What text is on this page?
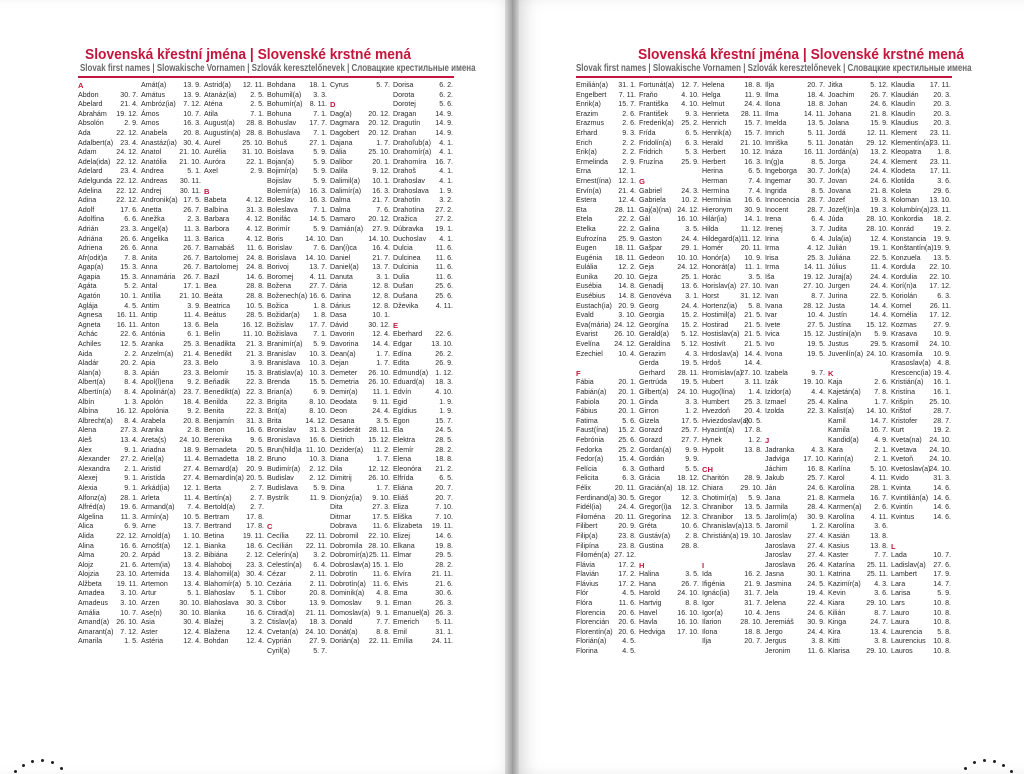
Slovenská křestní jména | Slovenské krstné mená
Slovak first names | Slowakische Vornamen | Szlovák keresztelőnevek | Словацкие крестильные имена
A
Abdon	30. 7.
Abelard	21. 4.
Abrahám 19. 12.
Absolón	2. 9.
Ada	22. 12.
Adalbert(a) 23. 4.
Adam	24. 12.
Adela(ida) 22. 12.
Adelard	23. 4.
Adelgunda 22. 12.
Adelina 22. 12.
Adina	22. 12.
Adolf	17. 6.
Adolfína	6. 6.
Adrián	23. 3.
Adriána	26. 6.
Adriena	26. 6.
Afr(odit)a 7. 8.
Agap(a) 15. 3.
Agapia	15. 3.
Agáta	5. 2.
Agatón	10. 1.
Aglája	4. 5.
Agnesa 16. 11.
Agneta 16. 11.
Achác	22. 6.
Achiles	12. 5.
Aida	2. 2.
Aladár	20. 2.
Alan(a)	8. 3.
Albert(a)	8. 4.
Albertín(a) 8. 4.
Albín	1. 3.
Albína	16. 12.
Albrecht(a) 8. 4.
Alena	27. 3.
Aleš	13. 4.
Alex	9. 1.
Alexander 27. 2.
Alexandra 2. 1.
Alexej	9. 1.
Alexia	9. 1.
Alfonz(a) 28. 1.
Alfréd(a) 19. 6.
Algelina 11. 3.
Alica	6. 9.
Alida	22. 12.
Alina	16. 6.
Alma	20. 2.
Alojz	21. 6.
Alojzia 23. 10.
Alžbeta 19. 11.
Amadea 3. 10.
Amadeus 3. 10.
Amália	10. 7.
Amand(a) 26. 10.
Amarant(a) 7. 12.
Amarila	1. 5.
Amát(a) 13. 9.
Amátus	13. 9.
Ambróz(ia) 7. 12.
Ámos	10. 7.
Amos	16. 3.
Anabela 20. 8.
Anastáz(ia) 30. 4.
Anatol	21. 10.
Anatólia 21. 10.
Andrea	5. 1.
Andreas 30. 11.
Andrej	30. 11.
Andronik(a) 17. 5.
Anetta	26. 7.
Anežka	2. 3.
Angel(a) 11. 3.
Angelika 11. 3.
Anna	26. 7.
Anita	26. 7.
Anna	26. 7.
Annamária 26. 7.
Antal	17. 1.
Antília	21. 10.
Antim	3. 9.
Antip	11. 4.
Anton	13. 6.
Antónia	6. 1.
Aranka	25. 3.
Anzelm(a) 21. 4.
Apia	23. 3.
Apián	23. 3.
Apol(l)ena 9. 2.
Apolinár(a) 23. 7.
Apolón	18. 4.
Apolónia	9. 2.
Arabela	20. 8.
Aranka	2. 8.
Areta(s) 24. 10.
Ariadna	18. 9.
Ariel(a)	11. 4.
Aristid	27. 4.
Aristída	27. 4.
Arkád(ia) 12. 1.
Arleta	11. 4.
Armand(a) 7. 4.
Armín(a) 10. 5.
Arne	13. 7.
Arnold(a) 1. 10.
Arnošt(a) 12. 1.
Arpád	13. 2.
Artem(ia) 13. 4.
Artemida 13. 4.
Artemon 13. 4.
Artur	5. 1.
Arzen	30. 10.
Ase(n) 30. 10.
Asia	30. 4.
Aster	12. 4.
Astéria	12. 4.
Astrid(a) 12. 11.
Atanáz(ia) 2. 5.
Aténa	2. 5.
Atila	7. 1.
August(a) 28. 8.
Augustín(a) 28. 8.
Aurel	25. 10.
Aurélia 31. 10.
Auróra	22. 1.
Axel	2. 9.
B
Babeta	4. 12.
Balbína	31. 3.
Barbara 4. 12.
Barbora 4. 12.
Barica	4. 12.
Barnabáš 11. 6.
Bartolomej 24. 8.
Bartolomej 24. 8.
Bazil	14. 6.
Bea	28. 8.
Beáta	28. 8.
Beatrica 10. 5.
Beátus	28. 5.
Bela	16. 12.
Belín	11. 10.
Benadikta 21. 3.
Benedikt 21. 3.
Belo	3. 9.
Belomír	15. 3.
Beňadik 22. 3.
Benedikt(a) 22. 3.
Benilda	22. 3.
Benita	22. 3.
Benjamín 31. 3.
Benon	16. 6.
Berenika	9. 6.
Bernadeta 20. 5.
Bernadetta 18. 2.
Bernard(a) 20. 9.
Bernardín(a) 20. 5.
Berta	2. 7.
Bertín(a)	2. 7.
Bertold(a) 2. 7.
Bertram 17. 8.
Bertrand 17. 8.
Betina	19. 11.
Bianka	18. 6.
Bibiána	2. 12.
Blahoboj 23. 3.
Blahomil(a) 30. 4.
Blahomír(a) 5. 10.
Blahoslav 5. 1.
Blahoslava 30. 3.
Blanka	16. 6.
Blažej	3. 2.
Blažena 12. 4.
Bohdan	12. 4.
Bohdana 18. 1.
Bohumil(a) 3. 3.
Bohumír(a) 8. 11.
Bohuna	7. 1.
Bohuslav 17. 7.
Bohuslava 7. 1.
Bohuš	27. 1.
Boislava	5. 9.
Bojan(a)	5. 9.
Bojimír(a) 5. 9.
Bojislav	5. 9.
Bolemír(a) 16. 3.
Boleslav 16. 3.
Boleslava 7. 1.
Bonifác	14. 5.
Borimír	5. 9.
Boris	14. 10.
Borislav	7. 6.
Borislava 14. 10.
Borivoj	13. 7.
Boromej 4. 11.
Božena	27. 7.
Boženech(a) 16. 6.
Božica	1. 8.
Božidar(a) 1. 8.
Božislav 17. 7.
Božislava 7. 1.
Branimír(a) 5. 9.
Branislav 10. 3.
Branislava 10. 3.
Bratislav(a) 10. 3.
Brenda	15. 5.
Brian(a)	6. 9.
Brigita	8. 10.
Brit(a)	8. 10.
Brita	14. 12.
Bronislav 31. 3.
Bronislava 16. 6.
Brun(hild)a 11. 10.
Bruno	10. 3.
Budimír(a) 2. 12.
Budislav 2. 12.
Budislava 5. 9.
Bystrík	11. 9.
C
Cecília 22. 11.
Cecílián 22. 11.
Celerín(a) 3. 2.
Celestín(a) 6. 4.
Cézar	2. 11.
Cezária	2. 11.
Ctibor	20. 8.
Ctibor	13. 9.
Ctirad(a) 21. 11.
Ctislav(a) 18. 3.
Cvetan(a) 24. 10.
Cyprián	27. 9.
Cyril(a)	5. 7.
Cyrus	5. 7.
D
Dag(a) 20. 12.
Dagmara 20. 12.
Dagobert 20. 12.
Dajana	1. 7.
Dália	25. 10.
Dalibor	20. 1.
Dalila	9. 12.
Dalimil(a) 10. 1.
Dalimír(a) 16. 3.
Dalma	21. 7.
Dalma	7. 6.
Damaro 20. 12.
Damián(a) 27. 9.
Dan	14. 10.
Dan(i)ca 16. 4.
Daniel	21. 7.
Daniel(a) 13. 7.
Danuta	3. 1.
Dária	12. 8.
Darina	12. 8.
Dárius	12. 8.
Dasa	10. 1.
Dávid	30. 12.
Davorin	12. 4.
Davorina 14. 4.
Dean(a)	1. 7.
Dejan	1. 7.
Demeter 26. 10.
Demetria 26. 10.
Demir(a) 11. 1.
Deodata 9. 11.
Deon	24. 4.
Desana	3. 5.
Desiderát 28. 11.
Dietrich 15. 12.
Dezider(a) 11. 2.
Diana	1. 7.
Dila	12. 12.
Dimitrij 26. 10.
Dina	1. 7.
Dionýz(ia) 9. 10.
Dita	27. 3.
Ditmar	17. 5.
Dobrava 11. 6.
Dobromil 22. 10.
Dobromila 28. 10.
Dobromír(a) 25. 11.
Dobroslav(a) 15. 1.
Dobrotín 11. 6.
Dobrotín(a) 11. 6.
Dominik(a) 4. 8.
Domoslav 9. 1.
Domoslav(a) 9. 1.
Donald	7. 7.
Donát(a)	8. 8.
Dorián(a) 22. 11.
Dorisa	6. 2.
Dorota	6. 2.
Dorotej	5. 6.
Dragan	14. 9.
Dragutín 14. 9.
Drahan	14. 9.
Drahoľub(a) 4. 1.
Drahomír(a) 4. 1.
Drahomíra 16. 7.
Drahoš	4. 1.
Drahoslav 4. 1.
Drahoslava 1. 9.
Drahotín	3. 2.
Drahotína 27. 2.
Dražica	27. 2.
Dúbravka 19. 1.
Duchoslav 4. 1.
Dulcia	11. 6.
Dulcinea 11. 6.
Dulcinia 11. 6.
Dulia	11. 6.
Dušan	25. 6.
Dušana	25. 6.
Dževika 4. 11.
E
Eberhard 22. 6.
Edgar	13. 10.
Edína	26. 2.
Edita	26. 9.
Edmund(a) 1. 12.
Eduard(a) 18. 3.
Edvín	4. 10.
Egid	1. 9.
Egídius	1. 9.
Egon	15. 7.
Ela	24. 5.
Elektra	28. 5.
Elemír	28. 2.
Elena	18. 8.
Eleonóra 21. 2.
Elfrída	6. 5.
Eliána	20. 7.
Eliáš	20. 7.
Eliza	7. 10.
Eliška	7. 10.
Elizabeta 19. 11.
Elizej	14. 6.
Elkana	19. 8.
Elmar	29. 5.
Elo	28. 2.
Elvíra	21. 11.
Elvis	21. 6.
Ema	30. 6.
Eman	26. 3.
Emanuel(a) 26. 3.
Emerich 5. 11.
Emil	31. 1.
Emília	24. 11.
Slovenská křestní jména | Slovenské krstné mená
Slovak first names | Slowakische Vornamen | Szlovák keresztelőnevek | Словацкие крестильные имена
Emilián(a) 31. 1.
Engelbert 7. 11.
Enrik(a) 15. 7.
Erazim	2. 6.
Erazmus	2. 6.
Erhard	9. 3.
Erich	2. 2.
Erik(a)	2. 2.
Ermelinda 2. 9.
Erna	12. 1.
Ernest(ína) 12. 1.
Ervín(a) 21. 4.
Estera	12. 4.
Eta	28. 11.
Etela	22. 2.
Etelka	22. 2.
Eufrozína 25. 9.
Eugen	18. 11.
Eugénia 18. 11.
Eulália	12. 2.
Eunika 20. 10.
Eusébia 14. 8.
Eusébius 14. 8.
Eustach(ia) 20. 9.
Evald	3. 10.
Eva(mária) 24. 12.
Evarist 26. 10.
Evelína 24. 12.
Ezechiel 10. 4.
F
Fábia	20. 1.
Fabián(a) 20. 1.
Fabiola	20. 1.
Fábius	20. 1.
Fatima	5. 6.
Faust(ína) 15. 2.
Febrónia 25. 6.
Fedorka 25. 2.
Fedor(a) 15. 4.
Felícia	6. 3.
Felicita	6. 3.
Félix	20. 11.
Ferdinand(a) 30. 5.
Fidél(ia) 24. 4.
Filoména 20. 11.
Filibert	20. 9.
Filip(a)	23. 8.
Filipína	23. 8.
Filomén(a) 27. 12.
Flávia	17. 2.
Flavián	17. 2.
Flávius	17. 2.
Flór	4. 5.
Flóra	11. 6.
Florencia 20. 6.
Florencián 20. 6.
Florentín(a) 20. 6.
Florián(a) 4. 5.
Florina	4. 5.
Fortunát(a) 12. 7.
Fraňo	4. 10.
Františka 4. 10.
František 9. 3.
Frederik(a) 25. 2.
Frída	6. 5.
Fridolín(a) 6. 3.
Fridrich	5. 3.
Fruzína	25. 9.
G
Gabriel	24. 3.
Gabriela 10. 2.
Gaj(a)(na) 24. 12.
Gál	16. 10.
Galina	3. 5.
Gaston	24. 4.
Gašpar	29. 1.
Gedeon 10. 10.
Geja	24. 12.
Gejza	25. 1.
Genadij	13. 6.
Genovéva 3. 1.
Georg	24. 4.
Georgia 15. 2.
Georgína 15. 2.
Gerald(a) 5. 12.
Geraldína 5. 12.
Gerazim	4. 3.
Gerda	19. 5.
Gerhard 28. 11.
Gertrúda 19. 5.
Gilbert(a) 24. 10.
Ginda	3. 3.
Girron	1. 2.
Gizela	17. 5.
Gorazd	25. 7.
Gorazd	27. 7.
Gordan(a) 9. 9.
Gordián	9. 9.
Gothard	5. 5.
Grácia 18. 12.
Gracián(a) 18. 12.
Gregor	12. 3.
Gregor(i)a 12. 3.
Gregorína 12. 3.
Gréta	10. 6.
Gustáv(a) 2. 8.
Gustina	28. 8.
H
Halina	3. 5.
Hana	26. 7.
Harold 24. 10.
Hartvig	8. 8.
Havel	16. 10.
Havla	16. 10.
Hedviga 17. 10.
Helena	18. 8.
Helga	11. 9.
Helmut	24. 4.
Henrieta 28. 11.
Henrich	15. 7.
Henrik(a) 15. 7.
Herald 21. 10.
Herbert 10. 12.
Herbert	16. 3.
Herina	6. 5.
Herman	7. 4.
Hermína	7. 4.
Hermínia 16. 6.
Hieronym 30. 9.
Hilár(ia) 14. 1.
Hilda	11. 12.
Hildegard(a) 11. 12.
Homér 20. 11.
Honór(a) 10. 9.
Honorát(a) 11. 1.
Horác	3. 5.
Horislav(a) 27. 10.
Horst	31. 12.
Hortenz(ia) 5. 8.
Hostimil(a) 21. 5.
Hostirad 21. 5.
Hostislav(a) 21. 5.
Hostivít	21. 5.
Hrdoslav(a) 14. 4.
Hrdoš	14. 4.
Hromislav(a)
27. 10.
Hubert	3. 11.
Hugo(lína) 1. 4.
Humbert 25. 3.
Hvezdoň 20. 4.
Hviezdoslav(a)
20. 5.
Hyacint(a) 17. 8.
Hynek	1. 2.
Hypolit	13. 8.
CH
Charitón 28. 9.
Chiara 29. 10.
Chotimír(a) 5. 9.
Chranibor 13. 5.
Chranibor 13. 5.
Chranislav(a) 13. 5.
Christián(a) 19. 10.
I
Ida	16. 2.
Ifigénia	21. 9.
Ignác(ia) 31. 7.
Igor	31. 7.
Igor(a)	10. 4.
Ilarion	28. 10.
Ilona	18. 8.
Ilja	20. 7.
Ilja	20. 7.
Ilma	18. 4.
Ilona	18. 8.
Ilma	14. 11.
Imelda	13. 5.
Imrich	5. 11.
Imriška	5. 11.
Ináza	16. 11.
In(g)a	8. 5.
Ingeborga 30. 7.
Ingemar 30. 7.
Ingrida	8. 5.
Innocencia 28. 7.
Inocent	28. 7.
Irena	6. 4.
Irenej	3. 7.
Irina	6. 4.
Irma	4. 12.
Irisa	25. 3.
Irma	14. 11.
Iša	19. 12.
Ivan	27. 10.
Ivan	8. 7.
Ivana	28. 12.
Ivar	10. 4.
Ivete	27. 5.
Ivica	15. 12.
Ivo	19. 5.
Ivona	19. 5.
Izabela	9. 7.
Izák	19. 10.
Izidor(a)	4. 4.
Izmael	25. 4.
Izolda	22. 3.
J
Jadranka 4. 3.
Jadviga 17. 10.
Jáchim	16. 8.
Jakub	25. 7.
Ján	24. 6.
Jana	21. 8.
Jarmila	28. 4.
Jarolím(a) 30. 9.
Jaromil	1. 2.
Jaroslav 27. 4.
Jaroslava 27. 4.
Jaroslav 27. 4.
Jaroslava 26. 4.
Jasna	30. 1.
Jasmina 24. 5.
Jela	19. 4.
Jelena	22. 4.
Jens	24. 6.
Jeremiáš 30. 9.
Jergo	24. 4.
Jergus	3. 8.
Jeronim 11. 6.
Jitka	5. 12.
Joachim 26. 7.
Johan	24. 6.
Johana	21. 8.
Jolana	15. 9.
Jordá	12. 11.
Jonatán 29. 12.
Jordán(a) 13. 2.
Jorga	24. 4.
Jork(a)	24. 4.
Jovan	24. 6.
Jovana	21. 8.
Jozef	19. 3.
Jozef(ín)a 19. 3.
Júda	28. 10.
Judita	28. 10.
Jula(ia)	12. 4.
Julián	19. 1.
Juliána	22. 5.
Július	11. 4.
Juraj(a)	24. 4.
Jurgen	24. 4.
Jurina	22. 5.
Justa	14. 4.
Justín	14. 4.
Justína 15. 12.
Justíni(a)n 5. 9.
Justus	29. 5.
Juvenlín(a) 24. 10.
K
Kaja	2. 6.
Kajetán(a) 7. 8.
Kalina	1. 7.
Kalist(a) 14. 10.
Kamil	14. 7.
Kamila	16. 7.
Kandid(a) 4. 9.
Kara	2. 1.
Karin(a)	2. 1.
Karlína	5. 10.
Karol	4. 11.
Karolína 28. 1.
Karmela 16. 7.
Karmen(a) 2. 6.
Karolína 4. 11.
Karolína	3. 6.
Kasián	13. 8.
Kasius	13. 8.
Kaster	7. 7.
Katarína 25. 11.
Katrina 25. 11.
Kazimír(a) 4. 3.
Kevin	3. 6.
Kiara	29. 10.
Kilián	8. 7.
Kinga	24. 7.
Kira	13. 4.
Kitti	3. 8.
Klarisa 29. 10.
Klaudia 17. 11.
Klaudián 20. 3.
Klaudín	20. 3.
Klaudín	20. 3.
Klaudius 20. 3.
Klement 23. 11.
Klementín(a)
23. 11.
Kleopatra 1. 8.
Klement 23. 11.
Klodeta 17. 11.
Klotilda	3. 6.
Koleta	29. 6.
Koloman 13. 10.
Kolumbín(a) 23. 11.
Konkordia 18. 2.
Konrád	19. 2.
Konstancia 19. 9.
Konštantín(a) 19. 9.
Konzuela 13. 5.
Kordula 22. 10.
Kordulia 22. 10.
Korí(n)a 17. 12.
Koriolán	6. 3.
Kornel	26. 11.
Kornélia 17. 12.
Kozmas 27. 9.
Krasava 10. 9.
Krasomil 24. 10.
Krasomila 10. 9.
Krasoslav(a) 4. 8.
Krescenc(ia) 19. 4.
Kristián(a) 16. 1.
Kristína	16. 1.
Krišpín 25. 10.
Krištof	28. 7.
Kristofer 28. 7.
Kurt	19. 2.
Kveta(na) 24. 10.
Kvetava 24. 10.
Kvetoň 24. 10.
Kvetoslav(a)
24. 10.
Kvido	31. 3.
Kvinta	14. 6.
Kvintilián(a) 14. 6.
Kvintín	14. 6.
Kvintus	14. 6.
L
Lada	10. 7.
Ladislav(a) 27. 6.
Lambert 17. 9.
Lara	14. 7.
Larisa	5. 9.
Lars	10. 8.
Lauro	10. 8.
Laura	10. 8.
Laurencia 5. 8.
Laurencius 10. 8.
Lauros	10. 8.
